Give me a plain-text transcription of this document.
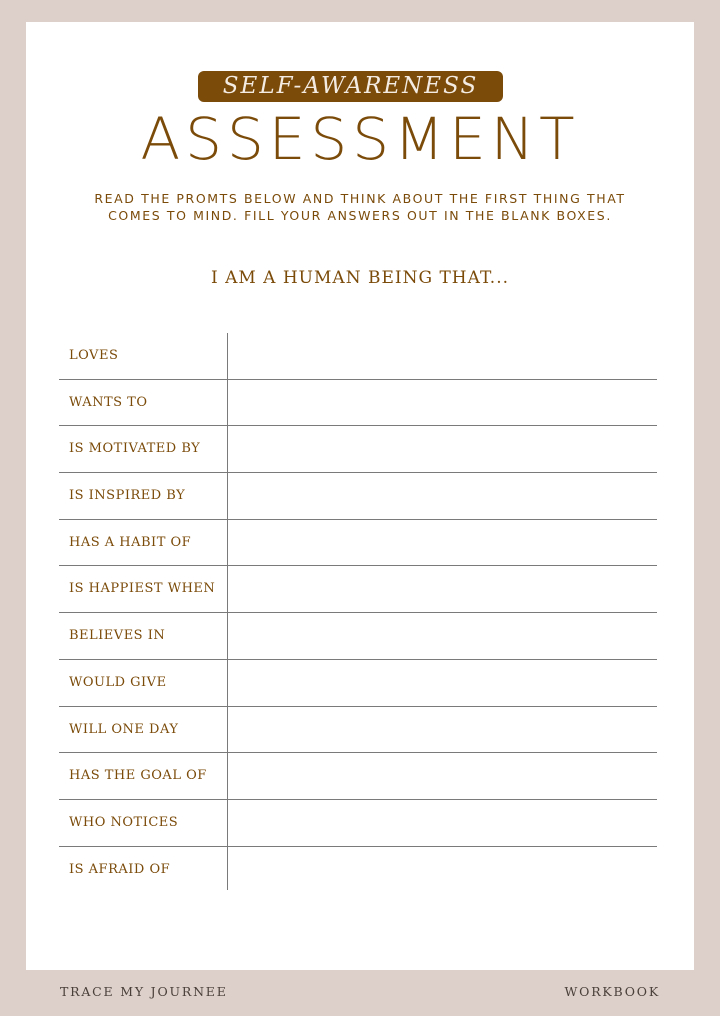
SELF-AWARENESS
ASSESSMENT
READ THE PROMTS BELOW AND THINK ABOUT THE FIRST THING THAT COMES TO MIND. FILL YOUR ANSWERS OUT IN THE BLANK BOXES.
I AM A HUMAN BEING THAT...
LOVES
WANTS TO
IS MOTIVATED BY
IS INSPIRED BY
HAS A HABIT OF
IS HAPPIEST WHEN
BELIEVES IN
WOULD GIVE
WILL ONE DAY
HAS THE GOAL OF
WHO NOTICES
IS AFRAID OF
TRACE MY JOURNEE	WORKBOOK
